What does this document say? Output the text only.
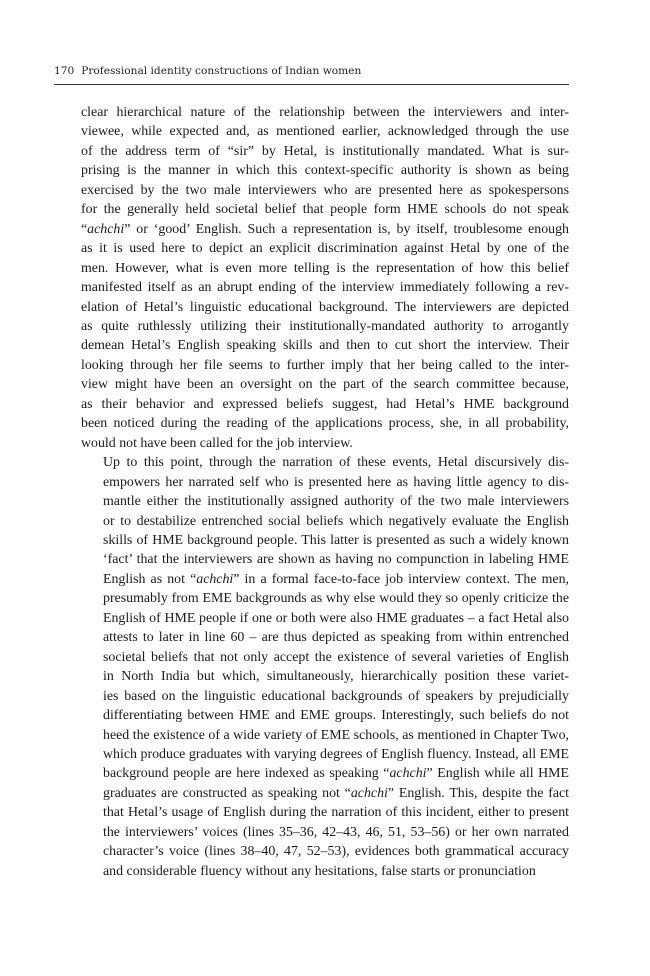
170 Professional identity constructions of Indian women

clear hierarchical nature of the relationship between the interviewers and inter-
viewee, while expected and, as mentioned earlier, acknowledged through the use
of the address term of “sir” by Hetal, is institutionally mandated. What is sur-
prising is the manner in which this context-specific authority is shown as being
exercised by the two male interviewers who are presented here as spokespersons
for the generally held societal belief that people form HME schools do not speak
“achchi” or ‘good’ English. Such a representation is, by itself, troublesome enough
as it is used here to depict an explicit discrimination against Hetal by one of the
men. However, what is even more telling is the representation of how this belief
manifested itself as an abrupt ending of the interview immediately following a rev-
elation of Hetal’s linguistic educational background. The interviewers are depicted
as quite ruthlessly utilizing their institutionally-mandated authority to arrogantly
demean Hetal’s English speaking skills and then to cut short the interview. Their
looking through her file seems to further imply that her being called to the inter-
view might have been an oversight on the part of the search committee because,
as their behavior and expressed beliefs suggest, had Hetal’s HME background
been noticed during the reading of the applications process, she, in all probability,
would not have been called for the job interview.

Up to this point, through the narration of these events, Hetal discursively dis-
empowers her narrated self who is presented here as having little agency to dis-
mantle either the institutionally assigned authority of the two male interviewers
or to destabilize entrenched social beliefs which negatively evaluate the English
skills of HME background people. This latter is presented as such a widely known
‘fact’ that the interviewers are shown as having no compunction in labeling HME
English as not “achchi” in a formal face-to-face job interview context. The men,
presumably from EME backgrounds as why else would they so openly criticize the
English of HME people if one or both were also HME graduates – a fact Hetal also
attests to later in line 60 – are thus depicted as speaking from within entrenched
societal beliefs that not only accept the existence of several varieties of English
in North India but which, simultaneously, hierarchically position these variet-
ies based on the linguistic educational backgrounds of speakers by prejudicially
differentiating between HME and EME groups. Interestingly, such beliefs do not
heed the existence of a wide variety of EME schools, as mentioned in Chapter Two,
which produce graduates with varying degrees of English fluency. Instead, all EME
background people are here indexed as speaking “achchi” English while all HME
graduates are constructed as speaking not “achchi” English. This, despite the fact
that Hetal’s usage of English during the narration of this incident, either to present
the interviewers’ voices (lines 35–36, 42–43, 46, 51, 53–56) or her own narrated
character’s voice (lines 38–40, 47, 52–53), evidences both grammatical accuracy
and considerable fluency without any hesitations, false starts or pronunciation
